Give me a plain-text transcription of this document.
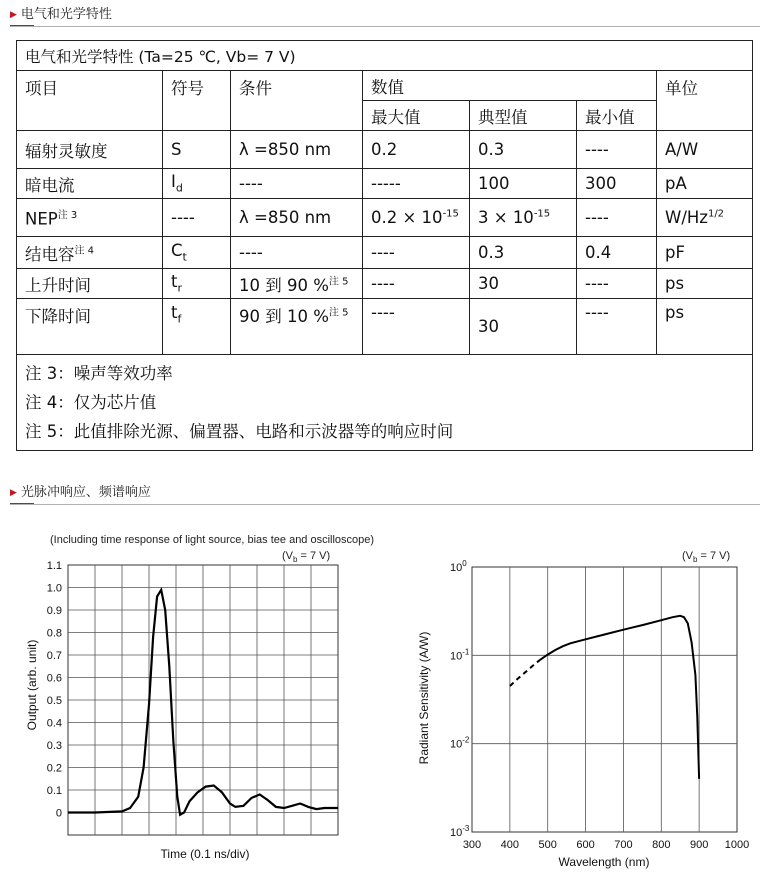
▶ 电气和光学特性
电气和光学特性 (Ta=25 ℃, Vb= 7 V)						
项目	符号	条件	数值			单位
			最大值	典型值	最小值	
辐射灵敏度	S	λ =850 nm	0.2	0.3	----	A/W
暗电流	$I_d$	----	-----	100	300	pA
$NEP^{注 3}$	----	λ =850 nm	$0.2 \times 10^{-15}$	$3 \times 10^{-15}$	----	$W/Hz^{1/2}$
结电容$^{注 4}$	$C_t$	----	----	0.3	0.4	pF
上升时间	$t_r$	10 到 90 %$^{注 5}$	----	30	----	ps
下降时间	$t_f$	90 到 10 %$^{注 5}$	----	30	----	ps

注 3：噪声等效功率
注 4：仅为芯片值
注 5：此值排除光源、偏置器、电路和示波器等的响应时间						
▶ 光脉冲响应、频谱响应
(Including time response of light source, bias tee and oscilloscope)
($V_b = 7$ V)
0
0.1
0.2
0.3
0.4
0.5
0.6
0.7
0.8
0.9
1.0
1.1
Time (0.1 ns/div)
Output (arb. unit)
($V_b = 7$ V)
300 400 500 600 700 800 900 1000
$10^0$
$10^{-1}$
$10^{-2}$
$10^{-3}$
Wavelength (nm)
Radiant Sensitivity (A/W)
